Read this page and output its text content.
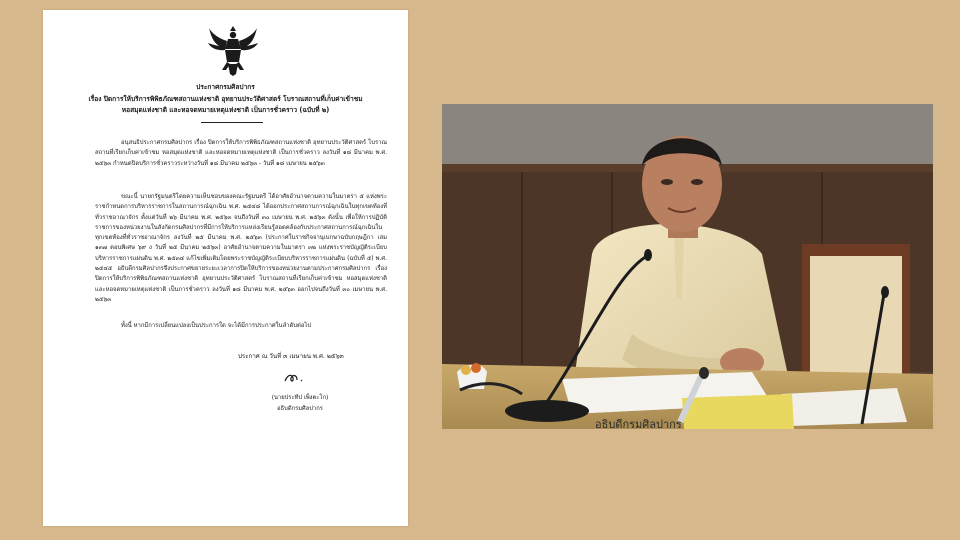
ประกาศกรมศิลปากร
เรื่อง ปิดการให้บริการพิพิธภัณฑสถานแห่งชาติ อุทยานประวัติศาสตร์ โบราณสถานที่เก็บค่าเข้าชม หอสมุดแห่งชาติ และหอจดหมายเหตุแห่งชาติ เป็นการชั่วคราว (ฉบับที่ ๒)
อนุสนธิประกาศกรมศิลปากร เรื่อง ปิดการให้บริการพิพิธภัณฑสถานแห่งชาติ อุทยานประวัติศาสตร์ โบราณสถานที่เรียกเก็บค่าเข้าชม หอสมุดแห่งชาติ และหอจดหมายเหตุแห่งชาติ เป็นการชั่วคราว ลงวันที่ ๑๘ มีนาคม พ.ศ. ๒๕๖๓ กำหนดปิดบริการชั่วคราวระหว่างวันที่ ๑๘ มีนาคม ๒๕๖๓ - วันที่ ๑๘ เมษายน ๒๕๖๓
ขณะนี้ นายกรัฐมนตรีโดยความเห็นชอบของคณะรัฐมนตรี ได้อาศัยอำนาจตามความในมาตรา ๕ แห่งพระราชกำหนดการบริหารราชการในสถานการณ์ฉุกเฉิน พ.ศ. ๒๕๔๘ ได้ออกประกาศสถานการณ์ฉุกเฉินในทุกเขตท้องที่ทั่วราชอาณาจักร ตั้งแต่วันที่ ๒๖ มีนาคม พ.ศ. ๒๕๖๓ จนถึงวันที่ ๓๐ เมษายน พ.ศ. ๒๕๖๓ ดังนั้น เพื่อให้การปฏิบัติราชการของหน่วยงานในสังกัดกรมศิลปากรที่มีการให้บริการแหล่งเรียนรู้สอดคล้องกับประกาศสถานการณ์ฉุกเฉินในทุกเขตท้องที่ทั่วราชอาณาจักร ลงวันที่ ๒๕ มีนาคม พ.ศ. ๒๕๖๓ (ประกาศในราชกิจจานุเบกษาฉบับกฤษฎีกา เล่ม ๑๓๗ ตอนพิเศษ ๖๙ ง วันที่ ๒๕ มีนาคม ๒๕๖๓) อาศัยอำนาจตามความในมาตรา ๓๒ แห่งพระราชบัญญัติระเบียบบริหารราชการแผ่นดิน พ.ศ. ๒๕๓๔ แก้ไขเพิ่มเติมโดยพระราชบัญญัติระเบียบบริหารราชการแผ่นดิน (ฉบับที่ ๕) พ.ศ. ๒๕๔๕ อธิบดีกรมศิลปากรจึงประกาศขยายระยะเวลาการปิดให้บริการของหน่วยงานตามประกาศกรมศิลปากร เรื่อง ปิดการให้บริการพิพิธภัณฑสถานแห่งชาติ อุทยานประวัติศาสตร์ โบราณสถานที่เรียกเก็บค่าเข้าชม หอสมุดแห่งชาติ และหอจดหมายเหตุแห่งชาติ เป็นการชั่วคราว ลงวันที่ ๑๘ มีนาคม พ.ศ. ๒๕๖๓ ออกไปจนถึงวันที่ ๓๐ เมษายน พ.ศ. ๒๕๖๓
ทั้งนี้ หากมีการเปลี่ยนแปลงเป็นประการใด จะได้มีการประกาศในลำดับต่อไป
ประกาศ ณ วันที่ ๓ เมษายน พ.ศ. ๒๕๖๓
(นายประทีป เพ็งตะโก)
อธิบดีกรมศิลปากร
อธิบดีกรมศิลปากร
